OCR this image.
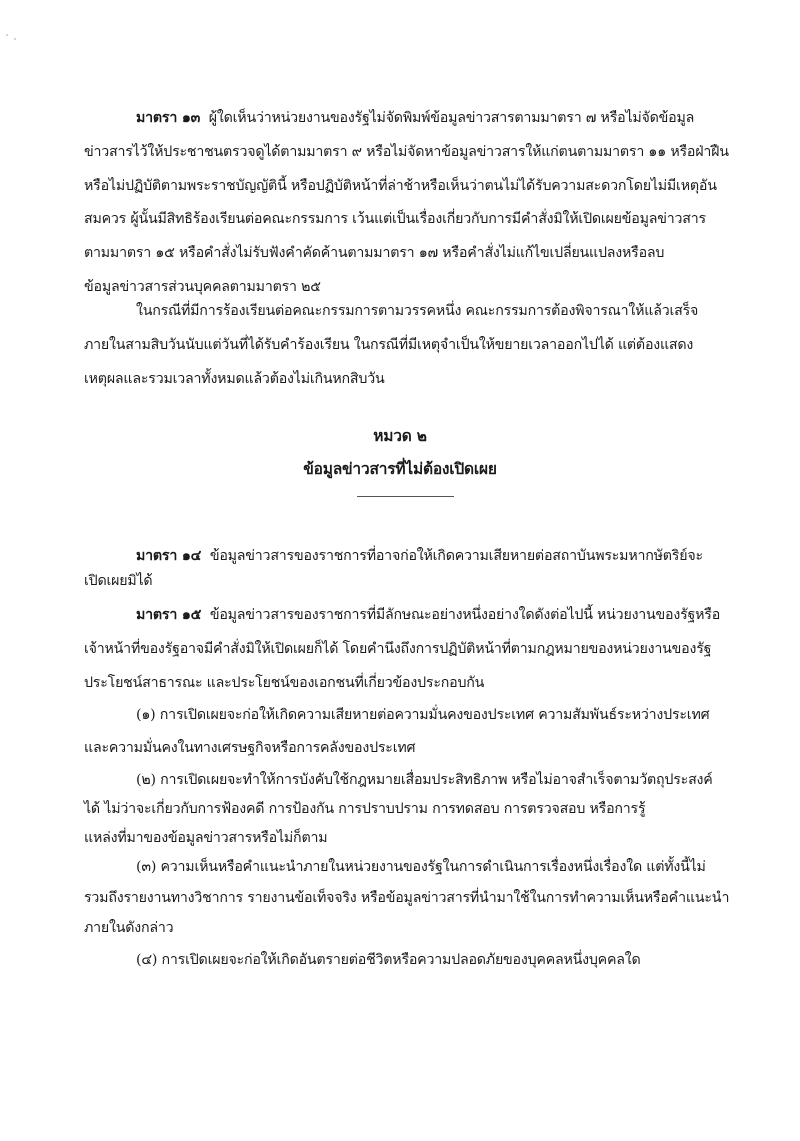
มาตรา ๑๓ ผู้ใดเห็นว่าหน่วยงานของรัฐไม่จัดพิมพ์ข้อมูลข่าวสารตามมาตรา ๗ หรือไม่จัดข้อมูล
ข่าวสารไว้ให้ประชาชนตรวจดูได้ตามมาตรา ๙ หรือไม่จัดหาข้อมูลข่าวสารให้แก่ตนตามมาตรา ๑๑ หรือฝ่าฝืน
หรือไม่ปฏิบัติตามพระราชบัญญัตินี้ หรือปฏิบัติหน้าที่ล่าช้าหรือเห็นว่าตนไม่ได้รับความสะดวกโดยไม่มีเหตุอัน
สมควร ผู้นั้นมีสิทธิร้องเรียนต่อคณะกรรมการ เว้นแต่เป็นเรื่องเกี่ยวกับการมีคำสั่งมิให้เปิดเผยข้อมูลข่าวสาร
ตามมาตรา ๑๕ หรือคำสั่งไม่รับฟังคำคัดค้านตามมาตรา ๑๗ หรือคำสั่งไม่แก้ไขเปลี่ยนแปลงหรือลบ
ข้อมูลข่าวสารส่วนบุคคลตามมาตรา ๒๕
ในกรณีที่มีการร้องเรียนต่อคณะกรรมการตามวรรคหนึ่ง คณะกรรมการต้องพิจารณาให้แล้วเสร็จ
ภายในสามสิบวันนับแต่วันที่ได้รับคำร้องเรียน ในกรณีที่มีเหตุจำเป็นให้ขยายเวลาออกไปได้ แต่ต้องแสดง
เหตุผลและรวมเวลาทั้งหมดแล้วต้องไม่เกินหกสิบวัน
หมวด ๒
ข้อมูลข่าวสารที่ไม่ต้องเปิดเผย
มาตรา ๑๔ ข้อมูลข่าวสารของราชการที่อาจก่อให้เกิดความเสียหายต่อสถาบันพระมหากษัตริย์จะ
เปิดเผยมิได้
มาตรา ๑๕ ข้อมูลข่าวสารของราชการที่มีลักษณะอย่างหนึ่งอย่างใดดังต่อไปนี้ หน่วยงานของรัฐหรือ
เจ้าหน้าที่ของรัฐอาจมีคำสั่งมิให้เปิดเผยก็ได้ โดยคำนึงถึงการปฏิบัติหน้าที่ตามกฎหมายของหน่วยงานของรัฐ
ประโยชน์สาธารณะ และประโยชน์ของเอกชนที่เกี่ยวข้องประกอบกัน
(๑) การเปิดเผยจะก่อให้เกิดความเสียหายต่อความมั่นคงของประเทศ ความสัมพันธ์ระหว่างประเทศ
และความมั่นคงในทางเศรษฐกิจหรือการคลังของประเทศ
(๒) การเปิดเผยจะทำให้การบังคับใช้กฎหมายเสื่อมประสิทธิภาพ หรือไม่อาจสำเร็จตามวัตถุประสงค์
ได้ ไม่ว่าจะเกี่ยวกับการฟ้องคดี การป้องกัน การปราบปราม การทดสอบ การตรวจสอบ หรือการรู้
แหล่งที่มาของข้อมูลข่าวสารหรือไม่ก็ตาม
(๓) ความเห็นหรือคำแนะนำภายในหน่วยงานของรัฐในการดำเนินการเรื่องหนึ่งเรื่องใด แต่ทั้งนี้ไม่
รวมถึงรายงานทางวิชาการ รายงานข้อเท็จจริง หรือข้อมูลข่าวสารที่นำมาใช้ในการทำความเห็นหรือคำแนะนำ
ภายในดังกล่าว
(๔) การเปิดเผยจะก่อให้เกิดอันตรายต่อชีวิตหรือความปลอดภัยของบุคคลหนึ่งบุคคลใด
